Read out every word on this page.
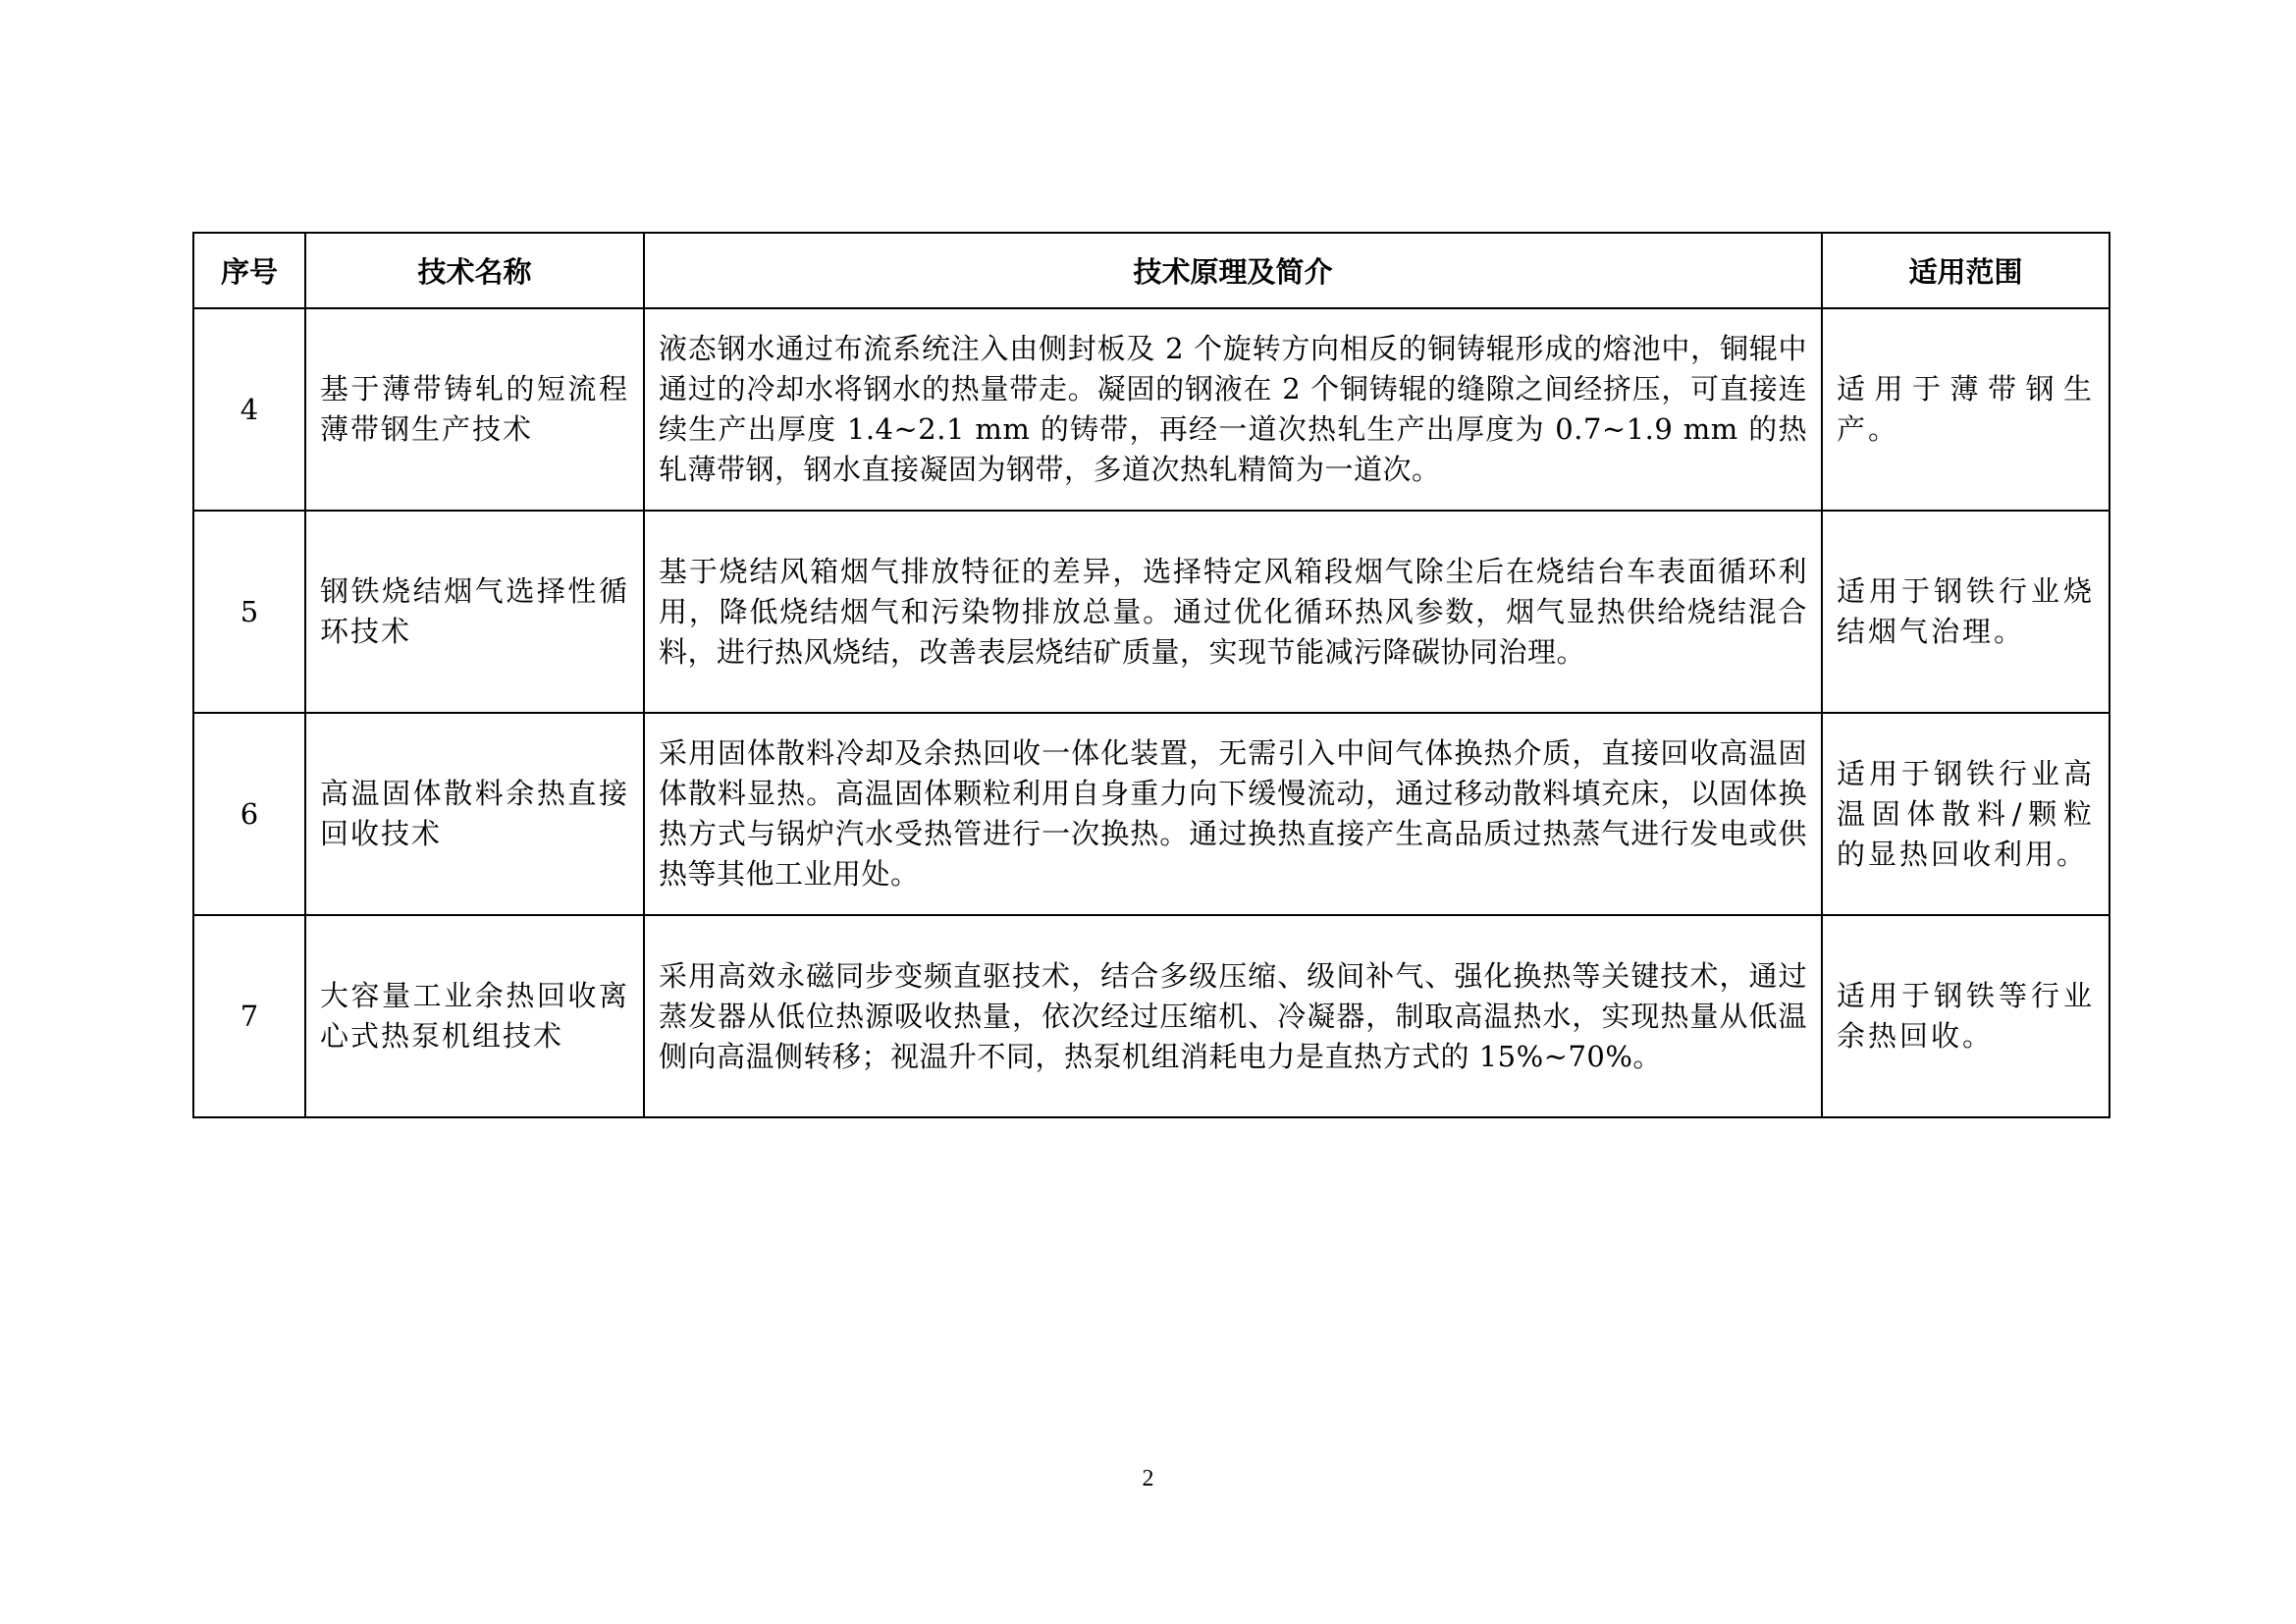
序号	技术名称	技术原理及简介	适用范围
4	基于薄带铸轧的短流程薄带钢生产技术	液态钢水通过布流系统注入由侧封板及 2 个旋转方向相反的铜铸辊形成的熔池中，铜辊中通过的冷却水将钢水的热量带走。凝固的钢液在 2 个铜铸辊的缝隙之间经挤压，可直接连续生产出厚度 1.4~2.1 mm 的铸带，再经一道次热轧生产出厚度为 0.7~1.9 mm 的热轧薄带钢，钢水直接凝固为钢带，多道次热轧精简为一道次。	适用于薄带钢生产。
5	钢铁烧结烟气选择性循环技术	基于烧结风箱烟气排放特征的差异，选择特定风箱段烟气除尘后在烧结台车表面循环利用，降低烧结烟气和污染物排放总量。通过优化循环热风参数，烟气显热供给烧结混合料，进行热风烧结，改善表层烧结矿质量，实现节能减污降碳协同治理。	适用于钢铁行业烧结烟气治理。
6	高温固体散料余热直接回收技术	采用固体散料冷却及余热回收一体化装置，无需引入中间气体换热介质，直接回收高温固体散料显热。高温固体颗粒利用自身重力向下缓慢流动，通过移动散料填充床，以固体换热方式与锅炉汽水受热管进行一次换热。通过换热直接产生高品质过热蒸气进行发电或供热等其他工业用处。	适用于钢铁行业高温固体散料/颗粒的显热回收利用。
7	大容量工业余热回收离心式热泵机组技术	采用高效永磁同步变频直驱技术，结合多级压缩、级间补气、强化换热等关键技术，通过蒸发器从低位热源吸收热量，依次经过压缩机、冷凝器，制取高温热水，实现热量从低温侧向高温侧转移；视温升不同，热泵机组消耗电力是直热方式的 15%~70%。	适用于钢铁等行业余热回收。
2
